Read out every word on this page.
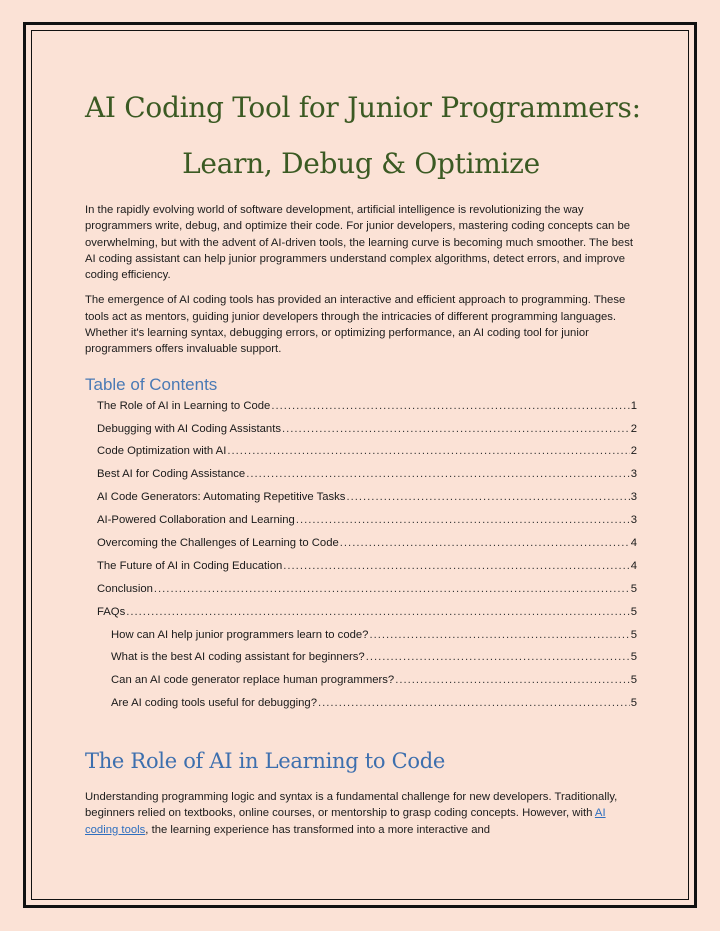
AI Coding Tool for Junior Programmers:
Learn, Debug & Optimize

In the rapidly evolving world of software development, artificial intelligence is revolutionizing the way programmers write, debug, and optimize their code. For junior developers, mastering coding concepts can be overwhelming, but with the advent of AI-driven tools, the learning curve is becoming much smoother. The best AI coding assistant can help junior programmers understand complex algorithms, detect errors, and improve coding efficiency.

The emergence of AI coding tools has provided an interactive and efficient approach to programming. These tools act as mentors, guiding junior developers through the intricacies of different programming languages. Whether it's learning syntax, debugging errors, or optimizing performance, an AI coding tool for junior programmers offers invaluable support.

Table of Contents
The Role of AI in Learning to Code .....	1
Debugging with AI Coding Assistants .....	2
Code Optimization with AI .....	2
Best AI for Coding Assistance .....	3
AI Code Generators: Automating Repetitive Tasks .....	3
AI-Powered Collaboration and Learning .....	3
Overcoming the Challenges of Learning to Code .....	4
The Future of AI in Coding Education .....	4
Conclusion .....	5
FAQs .....	5
How can AI help junior programmers learn to code? .....	5
What is the best AI coding assistant for beginners? .....	5
Can an AI code generator replace human programmers? .....	5
Are AI coding tools useful for debugging? .....	5
The Role of AI in Learning to Code

Understanding programming logic and syntax is a fundamental challenge for new developers. Traditionally, beginners relied on textbooks, online courses, or mentorship to grasp coding concepts. However, with AI coding tools, the learning experience has transformed into a more interactive and
